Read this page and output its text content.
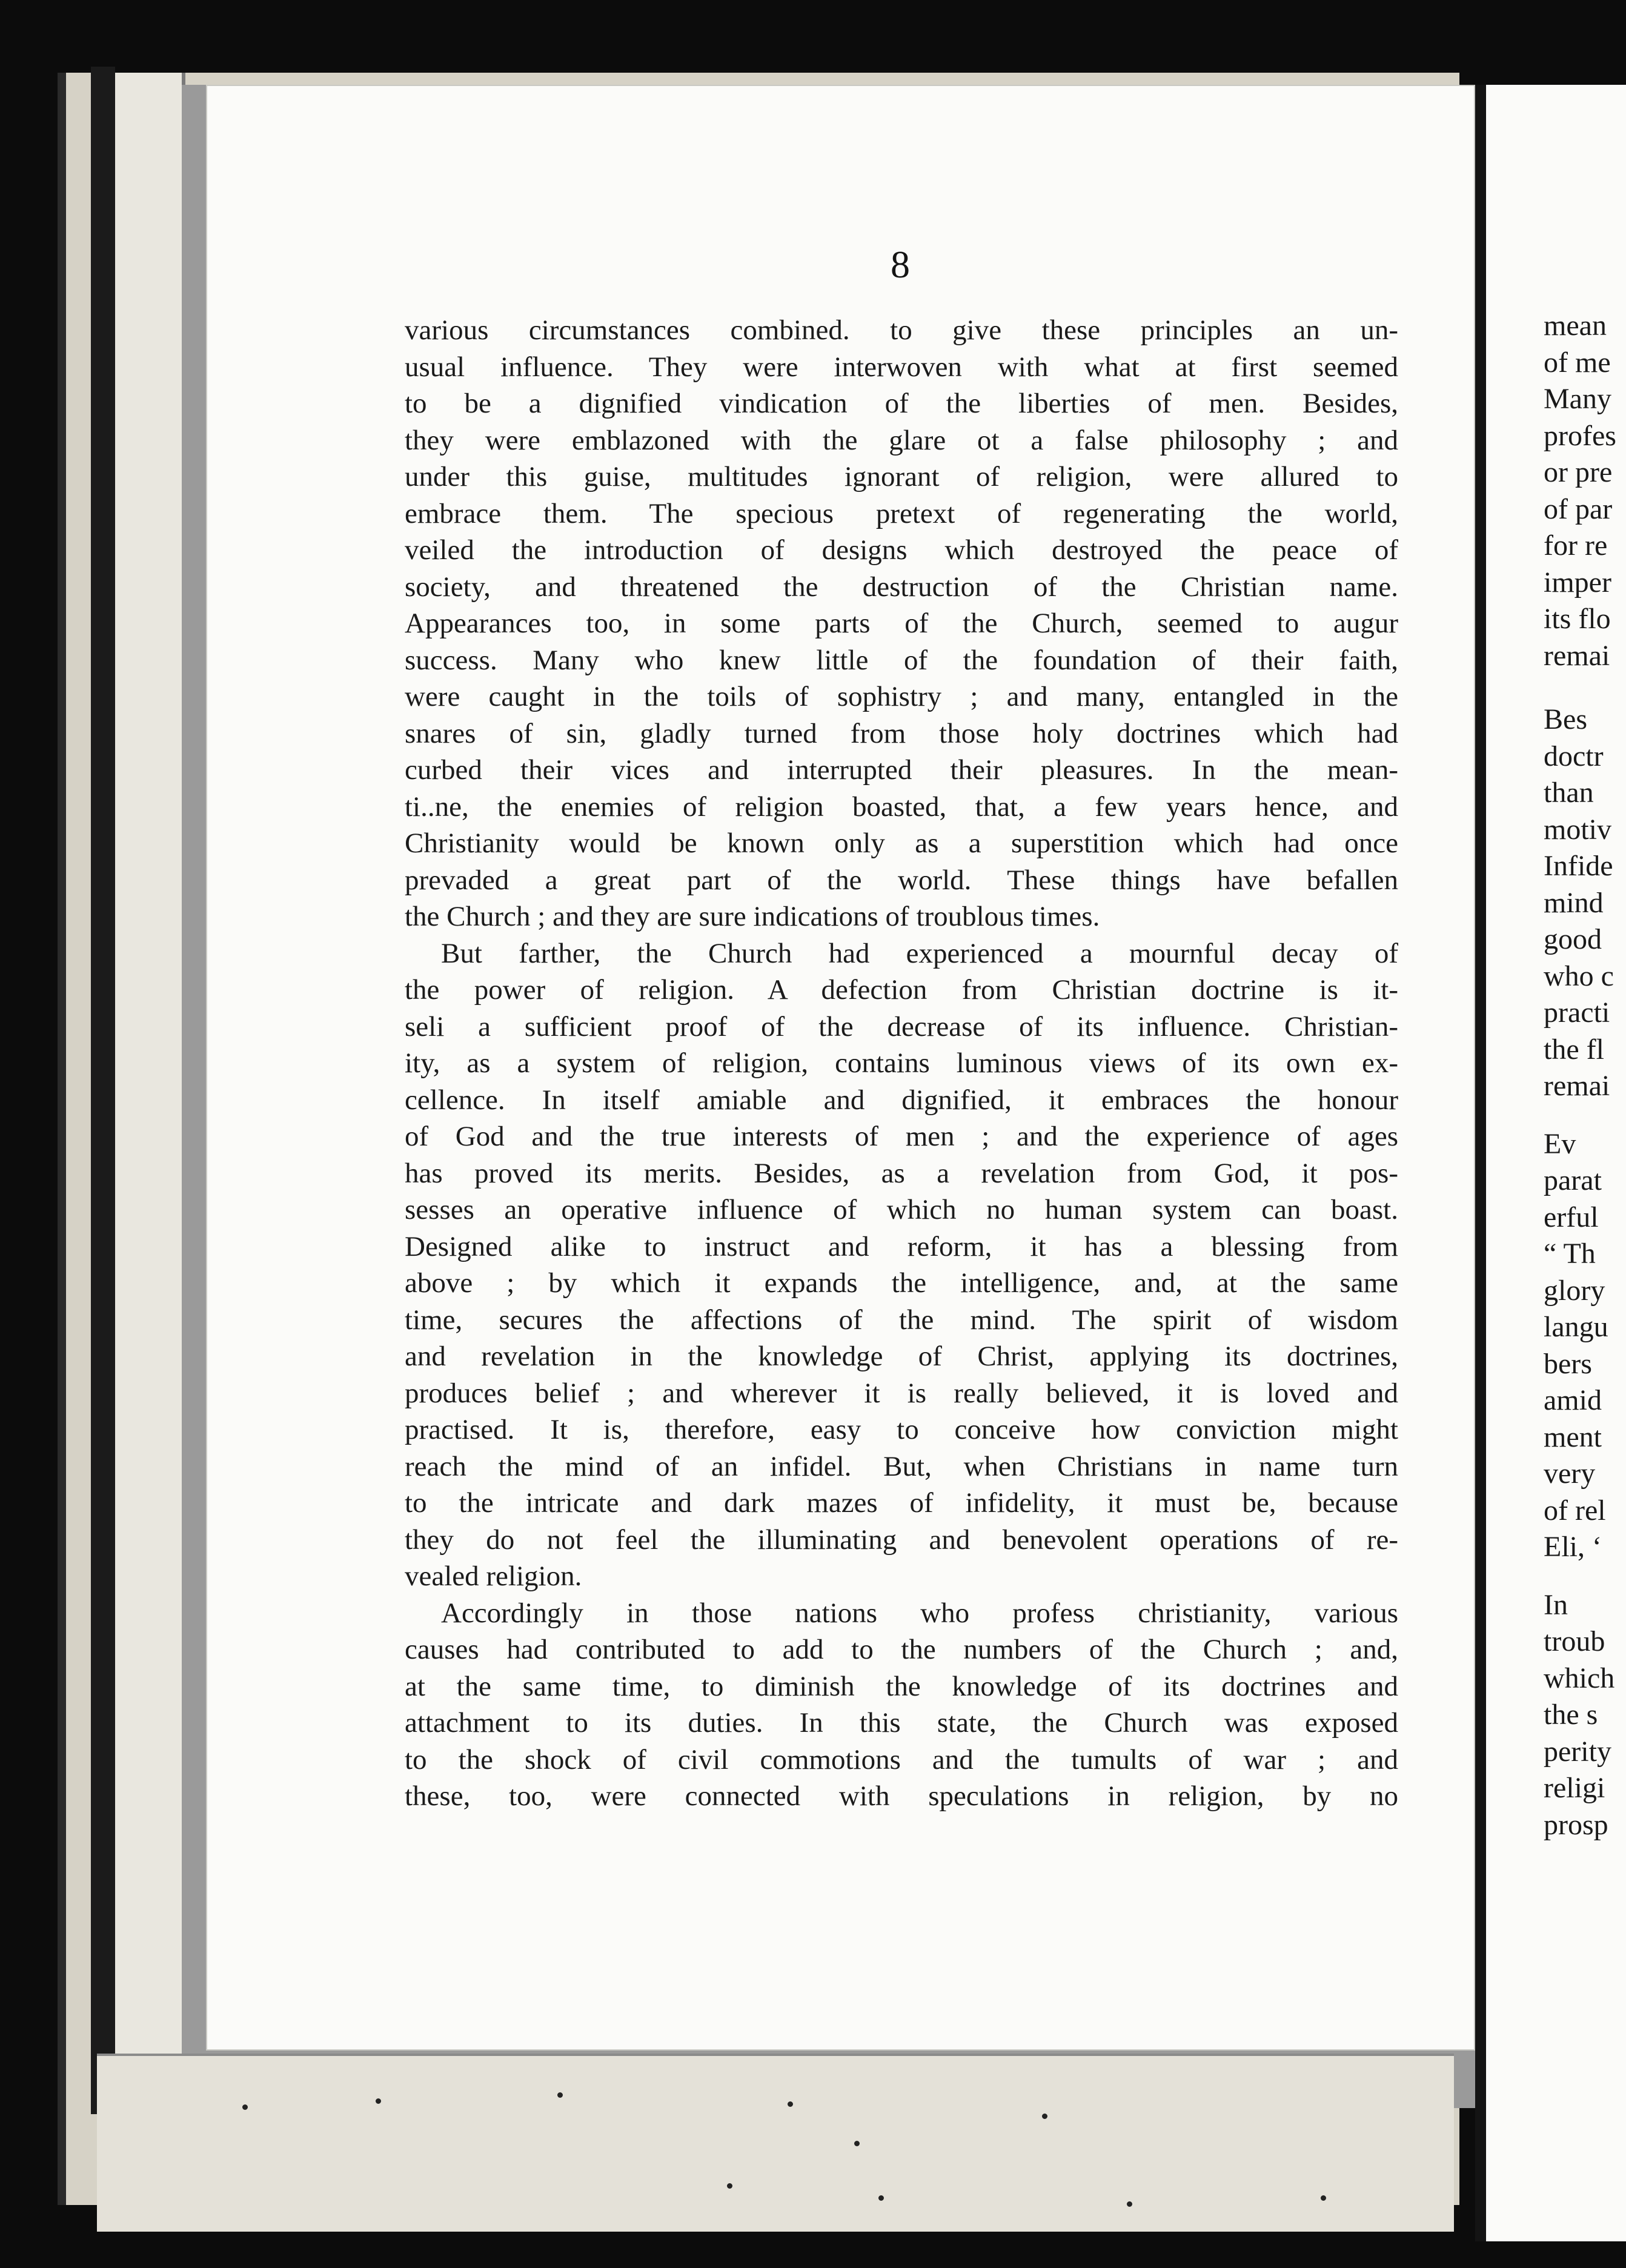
8
various circumstances combined. to give these principles an un-
usual influence. They were interwoven with what at first seemed
to be a dignified vindication of the liberties of men. Besides,
they were emblazoned with the glare ot a false philosophy ; and
under this guise, multitudes ignorant of religion, were allured to
embrace them. The specious pretext of regenerating the world,
veiled the introduction of designs which destroyed the peace of
society, and threatened the destruction of the Christian name.
Appearances too, in some parts of the Church, seemed to augur
success. Many who knew little of the foundation of their faith,
were caught in the toils of sophistry ; and many, entangled in the
snares of sin, gladly turned from those holy doctrines which had
curbed their vices and interrupted their pleasures. In the mean-
ti..ne, the enemies of religion boasted, that, a few years hence, and
Christianity would be known only as a superstition which had once
prevaded a great part of the world. These things have befallen
the Church ; and they are sure indications of troublous times.
But farther, the Church had experienced a mournful decay of
the power of religion. A defection from Christian doctrine is it-
seli a sufficient proof of the decrease of its influence. Christian-
ity, as a system of religion, contains luminous views of its own ex-
cellence. In itself amiable and dignified, it embraces the honour
of God and the true interests of men ; and the experience of ages
has proved its merits. Besides, as a revelation from God, it pos-
sesses an operative influence of which no human system can boast.
Designed alike to instruct and reform, it has a blessing from
above ; by which it expands the intelligence, and, at the same
time, secures the affections of the mind. The spirit of wisdom
and revelation in the knowledge of Christ, applying its doctrines,
produces belief ; and wherever it is really believed, it is loved and
practised. It is, therefore, easy to conceive how conviction might
reach the mind of an infidel. But, when Christians in name turn
to the intricate and dark mazes of infidelity, it must be, because
they do not feel the illuminating and benevolent operations of re-
vealed religion.
Accordingly in those nations who profess christianity, various
causes had contributed to add to the numbers of the Church ; and,
at the same time, to diminish the knowledge of its doctrines and
attachment to its duties. In this state, the Church was exposed
to the shock of civil commotions and the tumults of war ; and
these, too, were connected with speculations in religion, by no
mean
of me
Many
profes
or pre
of par
for re
imper
its flo
remai
Bes
doctr
than
motiv
Infide
mind
good
who c
practi
the fl
remai
Ev
parat
erful
“ Th
glory
langu
bers
amid
ment
very
of rel
Eli, ‘
In
troub
which
the s
perity
religi
prosp
